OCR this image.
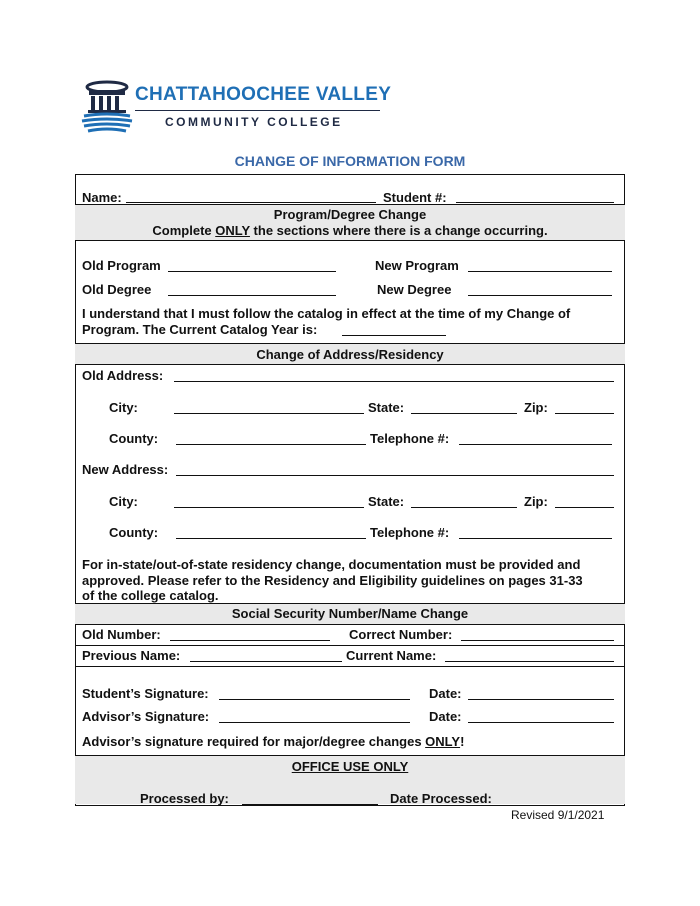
CHATTAHOOCHEE VALLEY
COMMUNITY COLLEGE
CHANGE OF INFORMATION FORM
Name:	Student #:
Program/Degree Change
Complete ONLY the sections where there is a change occurring.
Old Program	New Program
Old Degree	New Degree
I understand that I must follow the catalog in effect at the time of my Change of
Program. The Current Catalog Year is:
Change of Address/Residency
Old Address:
City:	State:	Zip:
County:	Telephone #:
New Address:
City:	State:	Zip:
County:	Telephone #:
For in-state/out-of-state residency change, documentation must be provided and
approved. Please refer to the Residency and Eligibility guidelines on pages 31-33
of the college catalog.
Social Security Number/Name Change
Old Number:	Correct Number:
Previous Name:	Current Name:
Student’s Signature:	Date:
Advisor’s Signature:	Date:
Advisor’s signature required for major/degree changes ONLY!
OFFICE USE ONLY
Processed by:	Date Processed:
Revised 9/1/2021
